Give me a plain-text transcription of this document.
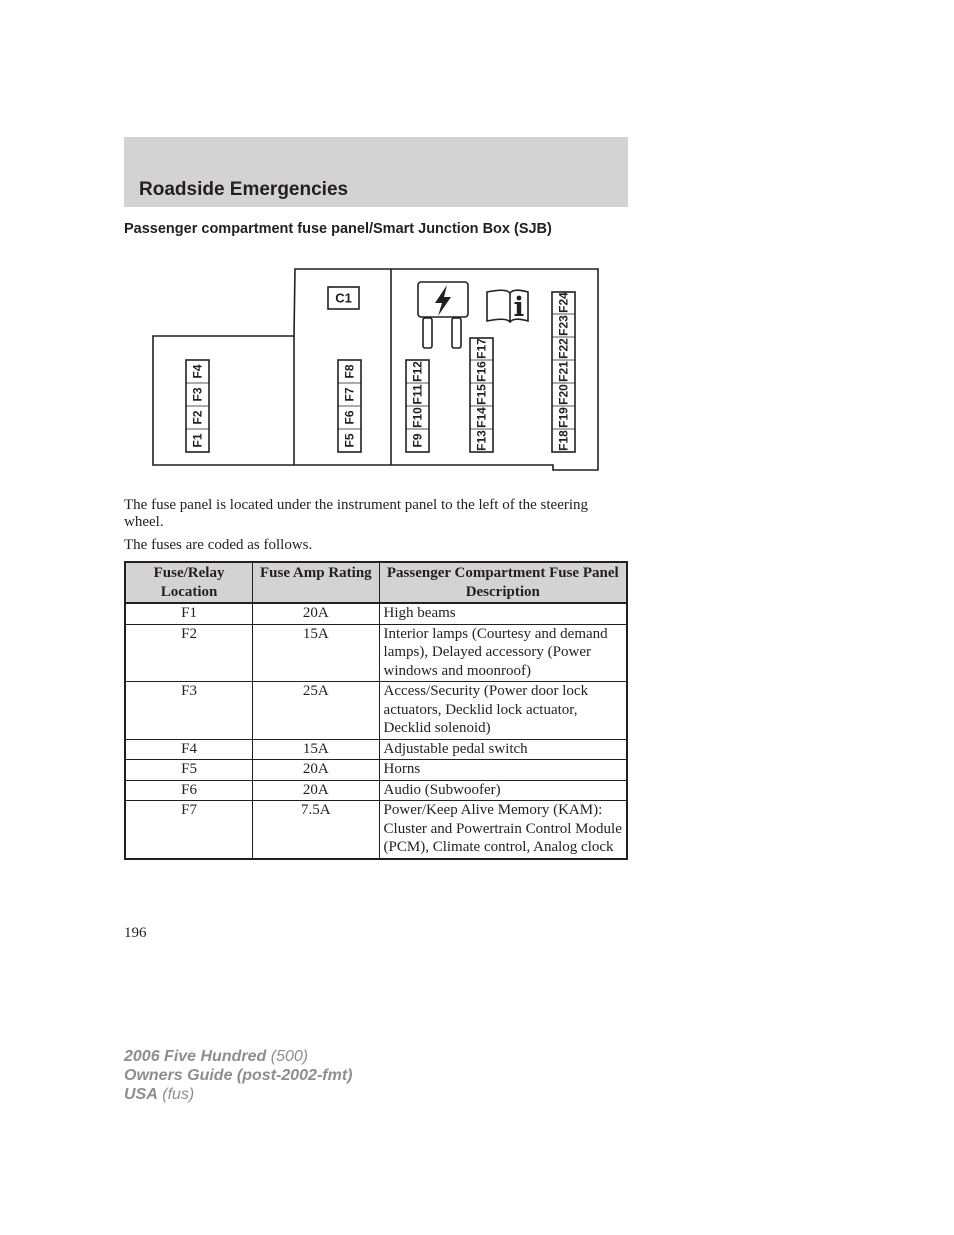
Roadside Emergencies
Passenger compartment fuse panel/Smart Junction Box (SJB)
F1
F2
F3
F4
F5
F6
F7
F8
F9
F10
F11
F12
F13
F14
F15
F16
F17
F18
F19
F20
F21
F22
F23
F24
C1

The fuse panel is located under the instrument panel to the left of the steering wheel.

The fuses are coded as follows.

Fuse/Relay Location	Fuse Amp Rating	Passenger Compartment Fuse Panel Description
F1	20A	High beams
F2	15A	Interior lamps (Courtesy and demand lamps), Delayed accessory (Power windows and moonroof)
F3	25A	Access/Security (Power door lock actuators, Decklid lock actuator, Decklid solenoid)
F4	15A	Adjustable pedal switch
F5	20A	Horns
F6	20A	Audio (Subwoofer)
F7	7.5A	Power/Keep Alive Memory (KAM): Cluster and Powertrain Control Module (PCM), Climate control, Analog clock

196

2006 Five Hundred (500)
Owners Guide (post-2002-fmt)
USA (fus)
